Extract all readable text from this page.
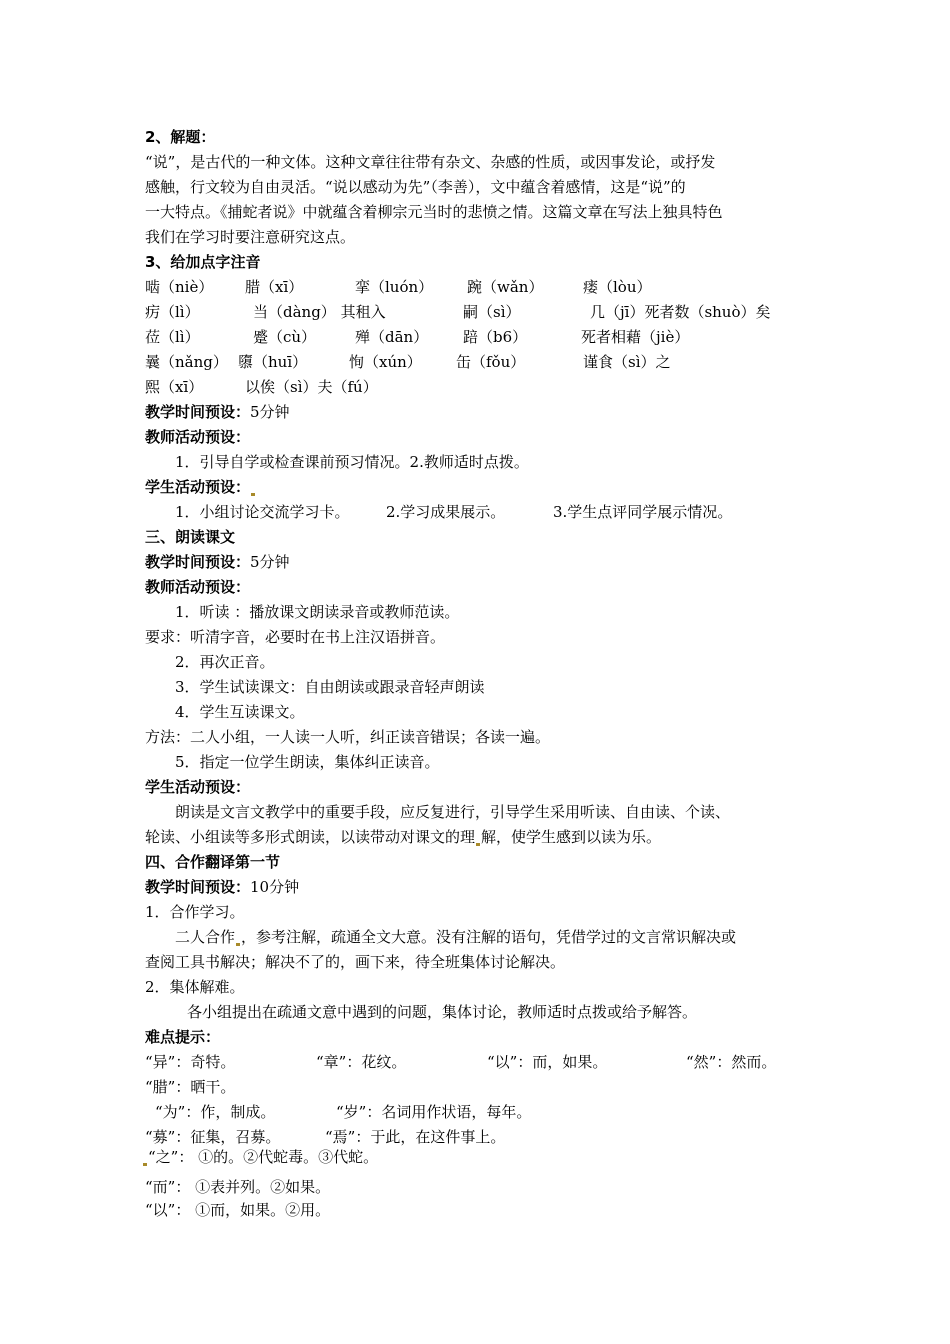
2、解题：
“说”，是古代的一种文体。这种文章往往带有杂文、杂感的性质，或因事发论，或抒发
感触，行文较为自由灵活。“说以感动为先”（李善），文中蕴含着感情，这是“说”的
一大特点。《捕蛇者说》中就蕴含着柳宗元当时的悲愤之情。这篇文章在写法上独具特色
我们在学习时要注意研究这点。
3、给加点字注音
啮（niè） 腊（xī）	挛（luón） 踠（wǎn）	瘘（lòu）
疠（lì）	当（dàng） 其租入	嗣（sì）	几（jī）死者数（shuò）矣
莅（lì）	蹙（cù）	殚（dān） 踣（b6）	死者相藉（jiè）
曩（nǎng） 隳（huī）	恂（xún） 缶（fǒu）	谨食（sì）之
熙（xī）	以俟（sì）夫（fú）
教学时间预设：5分钟
教师活动预设：
1．引导自学或检查课前预习情况。2.教师适时点拨。
学生活动预设：
1．小组讨论交流学习卡。 2.学习成果展示。	3.学生点评同学展示情况。
三、朗读课文
教学时间预设：5分钟
教师活动预设：
1．听读 ：播放课文朗读录音或教师范读。
要求：听清字音，必要时在书上注汉语拼音。
2．再次正音。
3．学生试读课文：自由朗读或跟录音轻声朗读
4．学生互读课文。
方法：二人小组，一人读一人听，纠正读音错误；各读一遍。
5．指定一位学生朗读，集体纠正读音。
学生活动预设：
朗读是文言文教学中的重要手段，应反复进行，引导学生采用听读、自由读、个读、
轮读、小组读等多形式朗读，以读带动对课文的理 解，使学生感到以读为乐。
四、合作翻译第一节
教学时间预设：10分钟
1．合作学习。
二人合作 ，参考注解，疏通全文大意。没有注解的语句，凭借学过的文言常识解决或
查阅工具书解决；解决不了的，画下来，待全班集体讨论解决。
2．集体解难。
各小组提出在疏通文意中遇到的问题，集体讨论，教师适时点拨或给予解答。
难点提示：
“异”：奇特。	“章”：花纹。	“以”：而，如果。	“然”：然而。
“腊”：晒干。
“为”：作，制成。	“岁”：名词用作状语，每年。
“募”：征集，召募。	“焉”：于此，在这件事上。
“之”： ①的。②代蛇毒。③代蛇。
“而”： ①表并列。②如果。
“以”： ①而，如果。②用。
